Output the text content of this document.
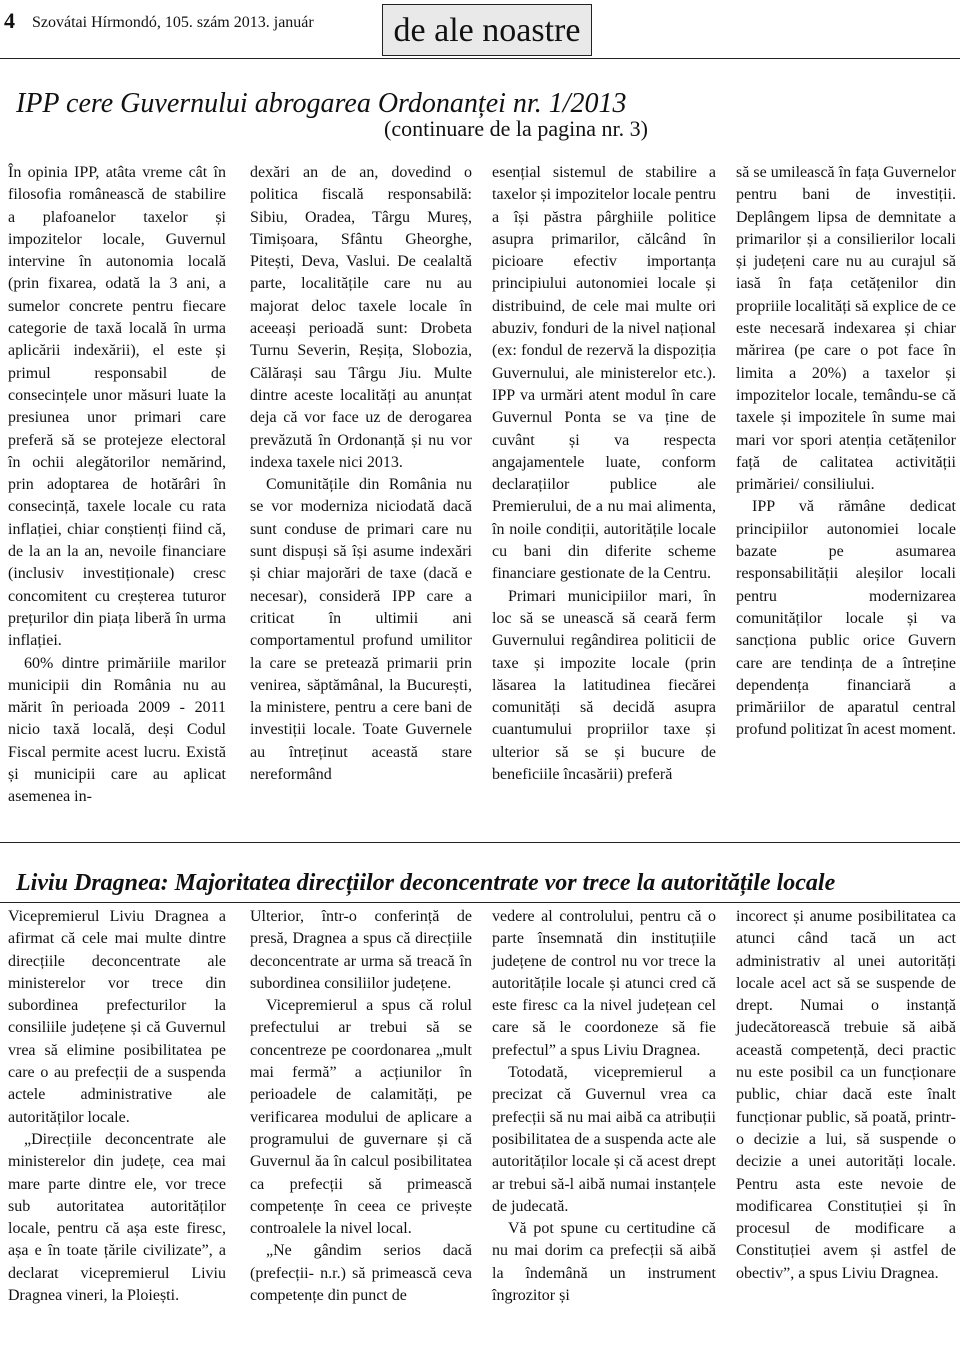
4 Szovátai Hírmondó, 105. szám 2013. január	de ale noastre
IPP cere Guvernului abrogarea Ordonanței nr. 1/2013
(continuare de la pagina nr. 3)

În opinia IPP, atâta vreme cât în filosofia românească de stabilire a plafoanelor taxelor și impozitelor locale, Guvernul intervine în autonomia locală (prin fixarea, odată la 3 ani, a sumelor concrete pentru fiecare categorie de taxă locală în urma aplicării indexării), el este și primul responsabil de consecințele unor măsuri luate la presiunea unor primari care preferă să se protejeze electoral în ochii alegătorilor nemărind, prin adoptarea de hotărâri în consecință, taxele locale cu rata inflației, chiar conștienți fiind că, de la an la an, nevoile financiare (inclusiv investiționale) cresc concomitent cu creșterea tuturor prețurilor din piața liberă în urma inflației.

60% dintre primăriile marilor municipii din România nu au mărit în perioada 2009 - 2011 nicio taxă locală, deși Codul Fiscal permite acest lucru. Există și municipii care au aplicat asemenea in-

dexări an de an, dovedind o politica fiscală responsabilă: Sibiu, Oradea, Târgu Mureș, Timișoara, Sfântu Gheorghe, Pitești, Deva, Vaslui. De cealaltă parte, localitățile care nu au majorat deloc taxele locale în aceeași perioadă sunt: Drobeta Turnu Severin, Reșița, Slobozia, Călărași sau Târgu Jiu. Multe dintre aceste localități au anunțat deja că vor face uz de derogarea prevăzută în Ordonanță și nu vor indexa taxele nici 2013.

Comunitățile din România nu se vor moderniza niciodată dacă sunt conduse de primari care nu sunt dispuși să își asume indexări și chiar majorări de taxe (dacă e necesar), consideră IPP care a criticat în ultimii ani comportamentul profund umilitor la care se pretează primarii prin venirea, săptămânal, la București, la ministere, pentru a cere bani de investiții locale. Toate Guvernele au întreținut această stare nereformând

esențial sistemul de stabilire a taxelor și impozitelor locale pentru a își păstra pârghiile politice asupra primarilor, călcând în picioare efectiv importanța principiului autonomiei locale și distribuind, de cele mai multe ori abuziv, fonduri de la nivel național (ex: fondul de rezervă la dispoziția Guvernului, ale ministerelor etc.). IPP va urmări atent modul în care Guvernul Ponta se va ține de cuvânt și va respecta angajamentele luate, conform declarațiilor publice ale Premierului, de a nu mai alimenta, în noile condiții, autoritățile locale cu bani din diferite scheme financiare gestionate de la Centru.

Primari municipiilor mari, în loc să se unească să ceară ferm Guvernului regândirea politicii de taxe și impozite locale (prin lăsarea la latitudinea fiecărei comunități să decidă asupra cuantumului propriilor taxe și ulterior să se și bucure de beneficiile încasării) preferă

să se umilească în fața Guvernelor pentru bani de investiții. Deplângem lipsa de demnitate a primarilor și a consilierilor locali și județeni care nu au curajul să iasă în fața cetățenilor din propriile localități să explice de ce este necesară indexarea și chiar mărirea (pe care o pot face în limita a 20%) a taxelor și impozitelor locale, temându-se că taxele și impozitele în sume mai mari vor spori atenția cetățenilor față de calitatea activității primăriei/ consiliului.

IPP vă rămâne dedicat principiilor autonomiei locale bazate pe asumarea responsabilității aleșilor locali pentru modernizarea comunităților locale și va sancționa public orice Guvern care are tendința de a întreține dependența financiară a primăriilor de aparatul central profund politizat în acest moment.

Liviu Dragnea: Majoritatea direcțiilor deconcentrate vor trece la autoritățile locale

Vicepremierul Liviu Dragnea a afirmat că cele mai multe dintre direcțiile deconcentrate ale ministerelor vor trece din subordinea prefecturilor la consiliile județene și că Guvernul vrea să elimine posibilitatea pe care o au prefecții de a suspenda actele administrative ale autorităților locale.

„Direcțiile deconcentrate ale ministerelor din județe, cea mai mare parte dintre ele, vor trece sub autoritatea autorităților locale, pentru că așa este firesc, așa e în toate țările civilizate”, a declarat vicepremierul Liviu Dragnea vineri, la Ploiești.

Ulterior, într-o conferință de presă, Dragnea a spus că direcțiile deconcentrate ar urma să treacă în subordinea consiliilor județene.

Vicepremierul a spus că rolul prefectului ar trebui să se concentreze pe coordonarea „mult mai fermă” a acțiunilor în perioadele de calamități, pe verificarea modului de aplicare a programului de guvernare și că Guvernul ăa în calcul posibilitatea ca prefecții să primească competențe în ceea ce privește controalele la nivel local.

„Ne gândim serios dacă (prefecții- n.r.) să primească ceva competențe din punct de

vedere al controlului, pentru că o parte însemnată din instituțiile județene de control nu vor trece la autoritățile locale și atunci cred că este firesc ca la nivel județean cel care să le coordoneze să fie prefectul” a spus Liviu Dragnea.

Totodată, vicepremierul a precizat că Guvernul vrea ca prefecții să nu mai aibă ca atribuții posibilitatea de a suspenda acte ale autorităților locale și că acest drept ar trebui să-l aibă numai instanțele de judecată.

Vă pot spune cu certitudine că nu mai dorim ca prefecții să aibă la îndemână un instrument îngrozitor și

incorect și anume posibilitatea ca atunci când tacă un act administrativ al unei autorități locale acel act să se suspende de drept. Numai o instanță judecătorească trebuie să aibă această competență, deci practic nu este posibil ca un funcționare public, chiar dacă este înalt funcționar public, să poată, printr-o decizie a lui, să suspende o decizie a unei autorități locale. Pentru asta este nevoie de modificarea Constituției și în procesul de modificare a Constituției avem și astfel de obectiv”, a spus Liviu Dragnea.
